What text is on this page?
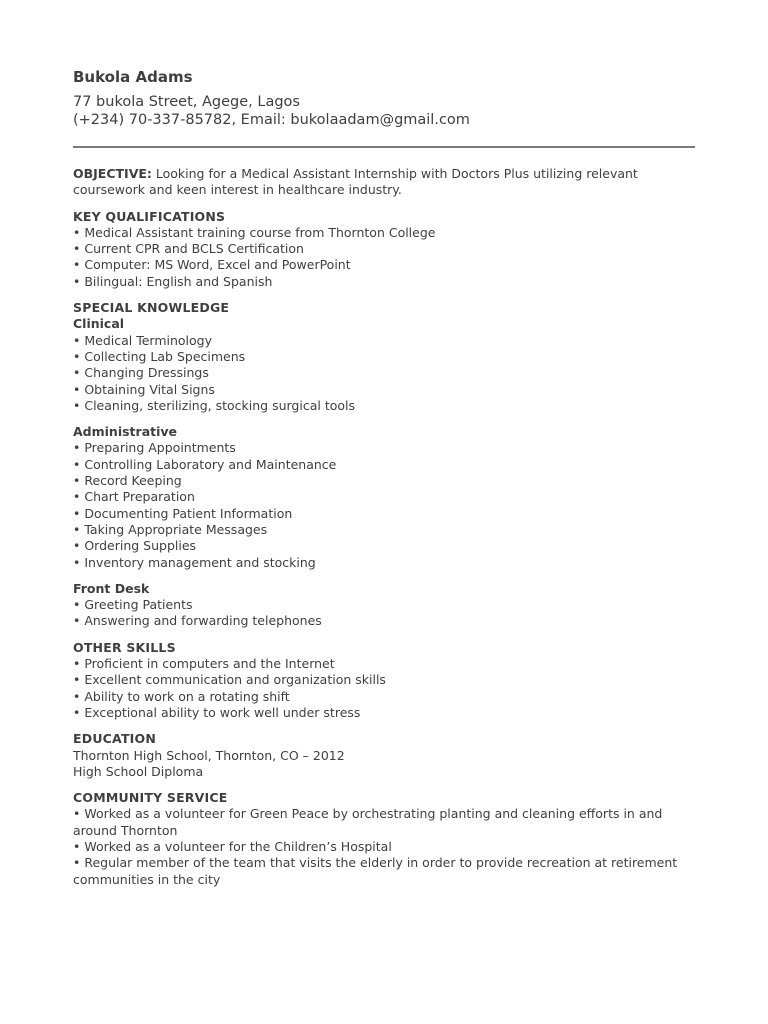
Bukola Adams
77 bukola Street, Agege, Lagos
(+234) 70-337-85782, Email: bukolaadam@gmail.com

OBJECTIVE: Looking for a Medical Assistant Internship with Doctors Plus utilizing relevant coursework and keen interest in healthcare industry.

KEY QUALIFICATIONS
• Medical Assistant training course from Thornton College
• Current CPR and BCLS Certification
• Computer: MS Word, Excel and PowerPoint
• Bilingual: English and Spanish
SPECIAL KNOWLEDGE
Clinical
• Medical Terminology
• Collecting Lab Specimens
• Changing Dressings
• Obtaining Vital Signs
• Cleaning, sterilizing, stocking surgical tools
Administrative
• Preparing Appointments
• Controlling Laboratory and Maintenance
• Record Keeping
• Chart Preparation
• Documenting Patient Information
• Taking Appropriate Messages
• Ordering Supplies
• Inventory management and stocking
Front Desk
• Greeting Patients
• Answering and forwarding telephones
OTHER SKILLS
• Proficient in computers and the Internet
• Excellent communication and organization skills
• Ability to work on a rotating shift
• Exceptional ability to work well under stress
EDUCATION
Thornton High School, Thornton, CO – 2012
High School Diploma
COMMUNITY SERVICE
• Worked as a volunteer for Green Peace by orchestrating planting and cleaning efforts in and around Thornton
• Worked as a volunteer for the Children’s Hospital
• Regular member of the team that visits the elderly in order to provide recreation at retirement communities in the city
